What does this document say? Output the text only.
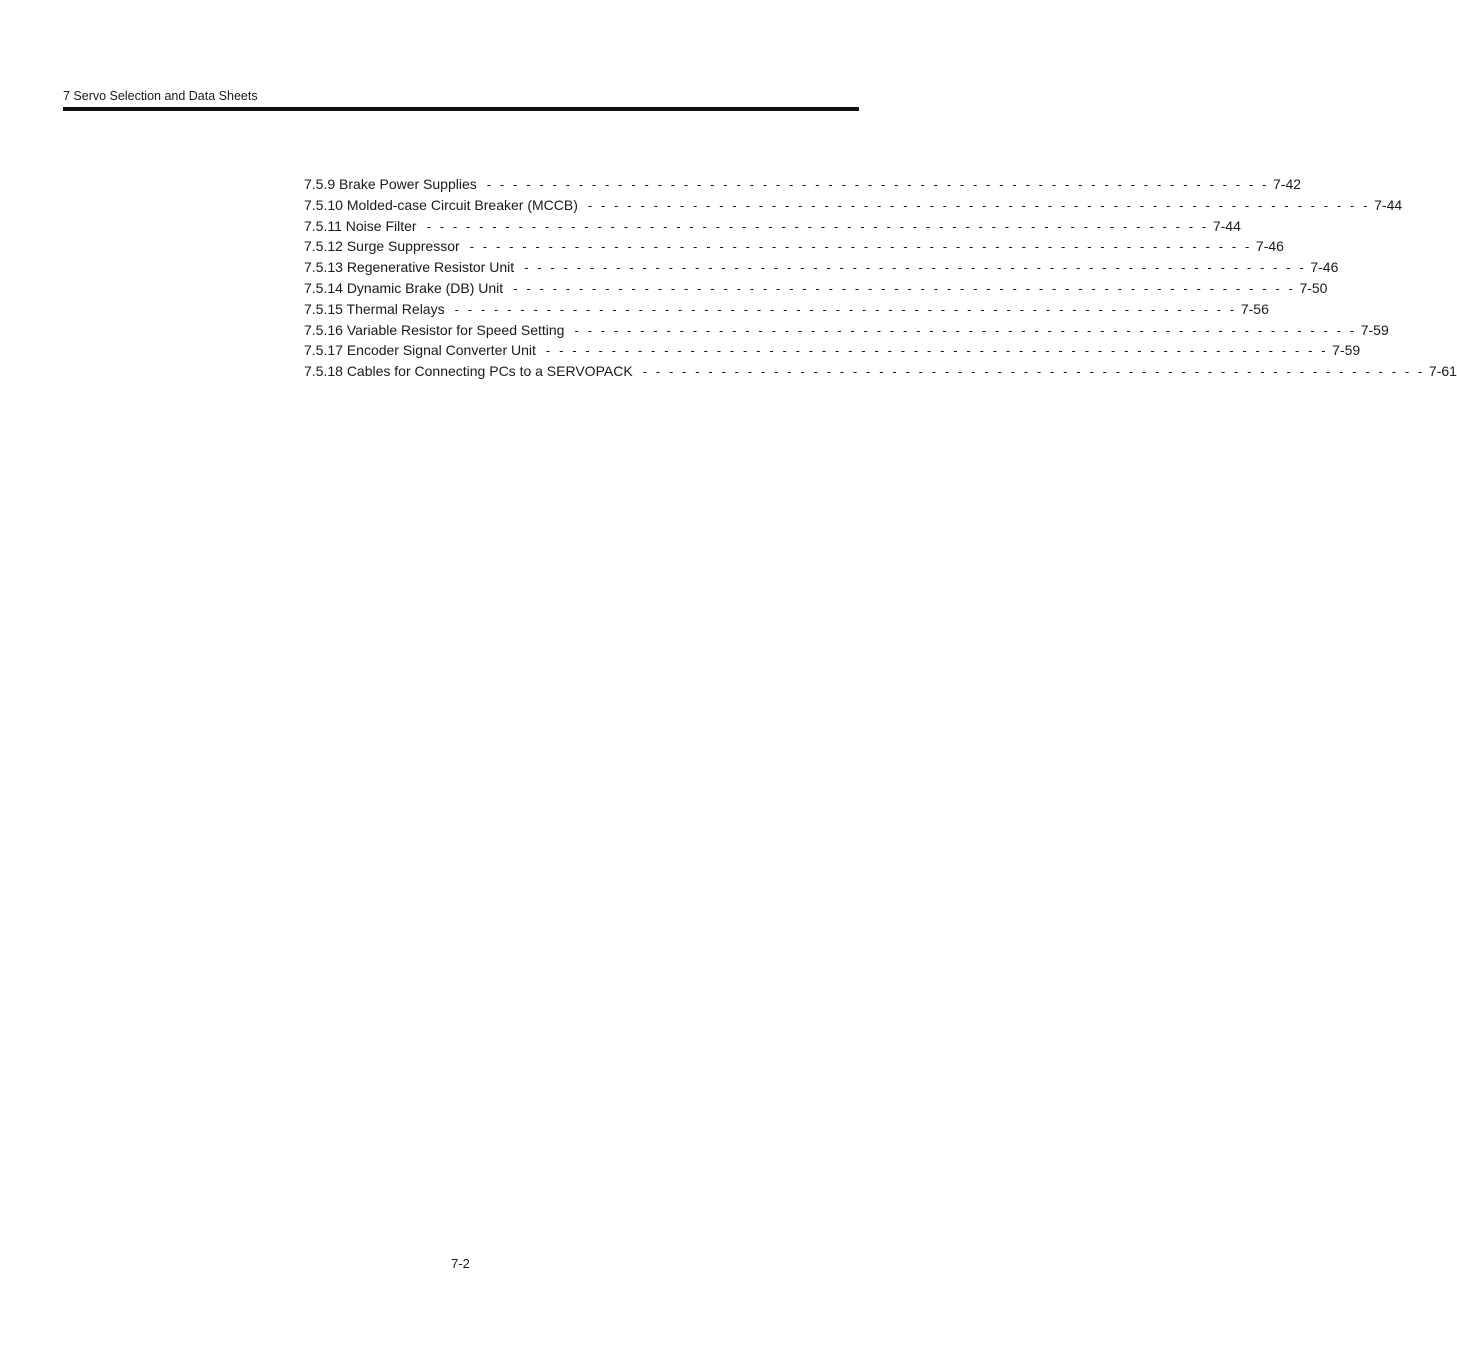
7 Servo Selection and Data Sheets
7.5.9 Brake Power Supplies - - - - - - - - - - - - - - - - - - - - - - - - - - - - - - - - - - - - - - - - - - - - - - - - - - - - - - - - - - - - 7-42
7.5.10 Molded-case Circuit Breaker (MCCB) - - - - - - - - - - - - - - - - - - - - - - - - - - - - - - - - - - - - - - - - - - - - - - - - - - - - - - - - - - - - 7-44
7.5.11 Noise Filter - - - - - - - - - - - - - - - - - - - - - - - - - - - - - - - - - - - - - - - - - - - - - - - - - - - - - - - - - - - - 7-44
7.5.12 Surge Suppressor - - - - - - - - - - - - - - - - - - - - - - - - - - - - - - - - - - - - - - - - - - - - - - - - - - - - - - - - - - - - 7-46
7.5.13 Regenerative Resistor Unit - - - - - - - - - - - - - - - - - - - - - - - - - - - - - - - - - - - - - - - - - - - - - - - - - - - - - - - - - - - - 7-46
7.5.14 Dynamic Brake (DB) Unit - - - - - - - - - - - - - - - - - - - - - - - - - - - - - - - - - - - - - - - - - - - - - - - - - - - - - - - - - - - - 7-50
7.5.15 Thermal Relays - - - - - - - - - - - - - - - - - - - - - - - - - - - - - - - - - - - - - - - - - - - - - - - - - - - - - - - - - - - - 7-56
7.5.16 Variable Resistor for Speed Setting - - - - - - - - - - - - - - - - - - - - - - - - - - - - - - - - - - - - - - - - - - - - - - - - - - - - - - - - - - - - 7-59
7.5.17 Encoder Signal Converter Unit - - - - - - - - - - - - - - - - - - - - - - - - - - - - - - - - - - - - - - - - - - - - - - - - - - - - - - - - - - - - 7-59
7.5.18 Cables for Connecting PCs to a SERVOPACK - - - - - - - - - - - - - - - - - - - - - - - - - - - - - - - - - - - - - - - - - - - - - - - - - - - - - - - - - - - - 7-61
7-2
